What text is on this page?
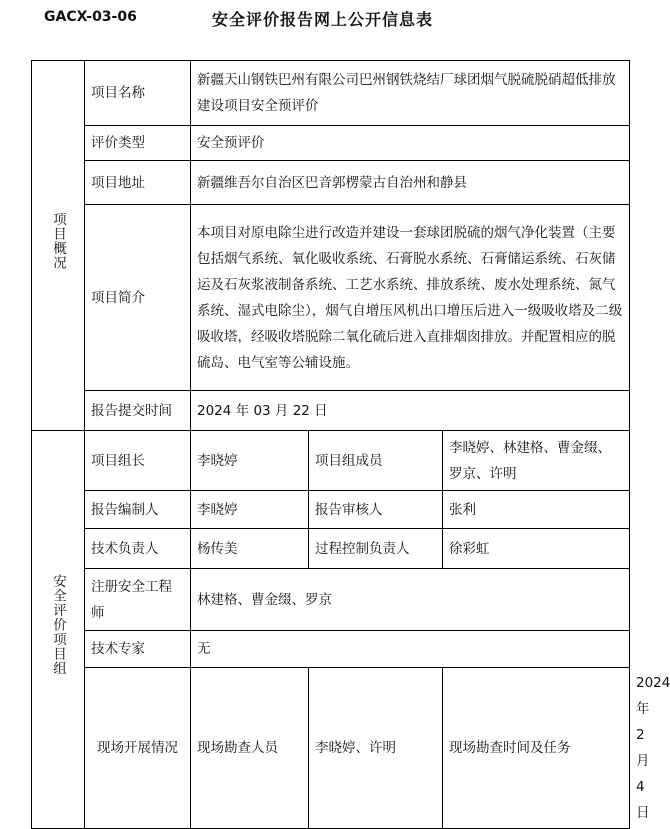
GACX-03-06	安全评价报告网上公开信息表
项目概况	项目名称	新疆天山钢铁巴州有限公司巴州钢铁烧结厂球团烟气脱硫脱硝超低排放建设项目安全预评价			
	评价类型	安全预评价			
	项目地址	新疆维吾尔自治区巴音郭楞蒙古自治州和静县			
	项目简介	本项目对原电除尘进行改造并建设一套球团脱硫的烟气净化装置（主要包括烟气系统、氧化吸收系统、石膏脱水系统、石膏储运系统、石灰储运及石灰浆液制备系统、工艺水系统、排放系统、废水处理系统、氮气系统、湿式电除尘），烟气自增压风机出口增压后进入一级吸收塔及二级吸收塔，经吸收塔脱除二氧化硫后进入直排烟囱排放。并配置相应的脱硫岛、电气室等公辅设施。			
	报告提交时间	2024 年 03 月 22 日			
安全评价项目组	项目组长	李晓婷	项目组成员	李晓婷、林建格、曹金缀、罗京、许明	
	报告编制人	李晓婷	报告审核人	张利	
	技术负责人	杨传美	过程控制负责人	徐彩虹	
	注册安全工程师	林建格、曹金缀、罗京			
	技术专家	无			
	现场开展情况	现场勘查人员	李晓婷、许明	现场勘查时间及任务	2024 年 2 月 4 日
